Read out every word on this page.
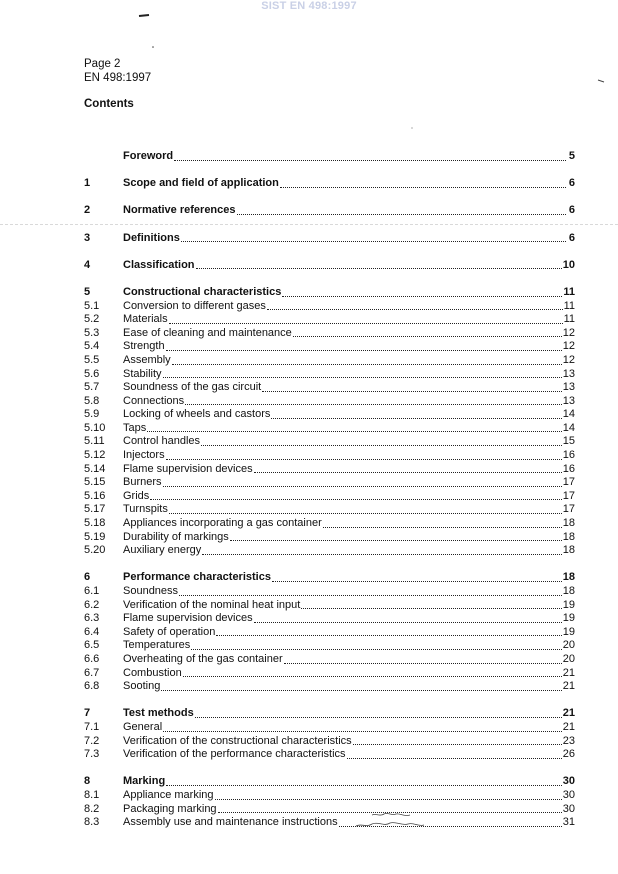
SIST EN 498:1997
Page 2
EN 498:1997
Contents
Foreword	5
1	Scope and field of application	6
2	Normative references	6
3	Definitions	6
4	Classification	10
5	Constructional characteristics	11
5.1	Conversion to different gases	11
5.2	Materials	11
5.3	Ease of cleaning and maintenance	12
5.4	Strength	12
5.5	Assembly	12
5.6	Stability	13
5.7	Soundness of the gas circuit	13
5.8	Connections	13
5.9	Locking of wheels and castors	14
5.10	Taps	14
5.11	Control handles	15
5.12	Injectors	16
5.14	Flame supervision devices	16
5.15	Burners	17
5.16	Grids	17
5.17	Turnspits	17
5.18	Appliances incorporating a gas container	18
5.19	Durability of markings	18
5.20	Auxiliary energy	18
6	Performance characteristics	18
6.1	Soundness	18
6.2	Verification of the nominal heat input	19
6.3	Flame supervision devices	19
6.4	Safety of operation	19
6.5	Temperatures	20
6.6	Overheating of the gas container	20
6.7	Combustion	21
6.8	Sooting	21
7	Test methods	21
7.1	General	21
7.2	Verification of the constructional characteristics	23
7.3	Verification of the performance characteristics	26
8	Marking	30
8.1	Appliance marking	30
8.2	Packaging marking	30
8.3	Assembly use and maintenance instructions	31
